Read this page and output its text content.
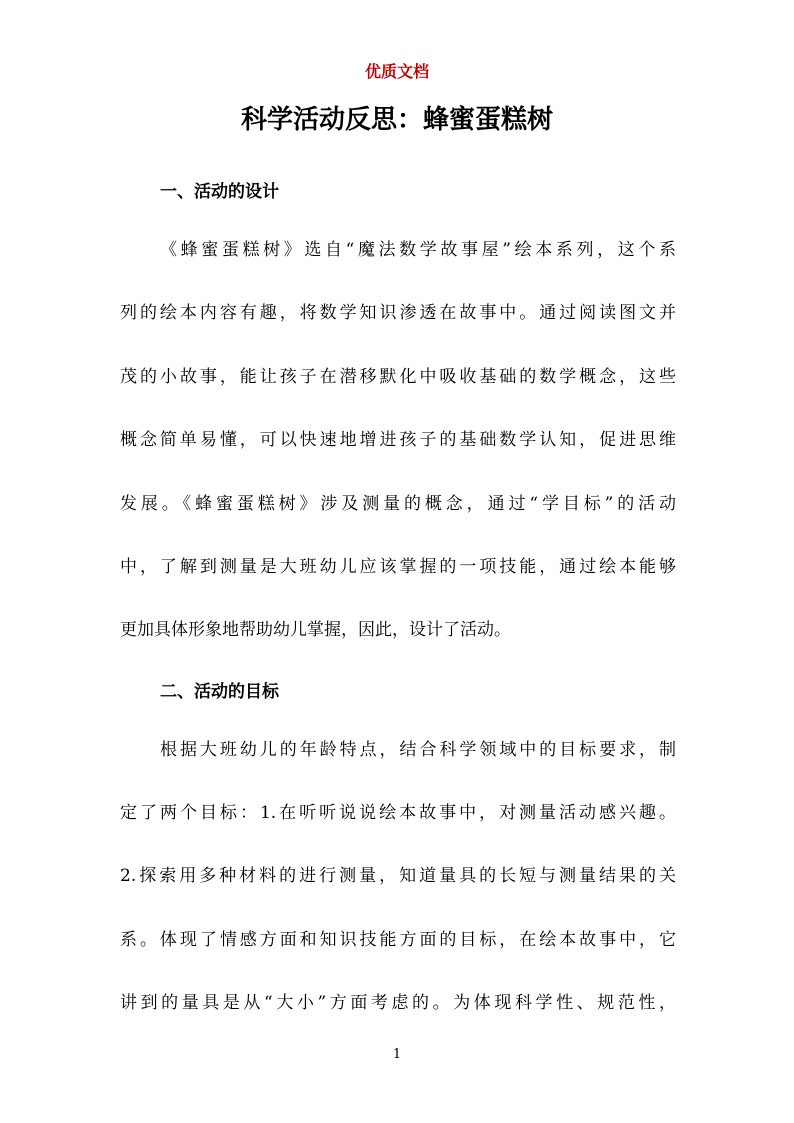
优质文档
科学活动反思：蜂蜜蛋糕树
一、活动的设计
《蜂蜜蛋糕树》选自“魔法数学故事屋”绘本系列，这个系
列的绘本内容有趣，将数学知识渗透在故事中。通过阅读图文并
茂的小故事，能让孩子在潜移默化中吸收基础的数学概念，这些
概念简单易懂，可以快速地增进孩子的基础数学认知，促进思维
发展。《蜂蜜蛋糕树》涉及测量的概念，通过“学目标”的活动
中，了解到测量是大班幼儿应该掌握的一项技能，通过绘本能够
更加具体形象地帮助幼儿掌握，因此，设计了活动。
二、活动的目标
根据大班幼儿的年龄特点，结合科学领域中的目标要求，制
定了两个目标：1.在听听说说绘本故事中，对测量活动感兴趣。
2.探索用多种材料的进行测量，知道量具的长短与测量结果的关
系。体现了情感方面和知识技能方面的目标，在绘本故事中，它
讲到的量具是从“大小”方面考虑的。为体现科学性、规范性，
1
